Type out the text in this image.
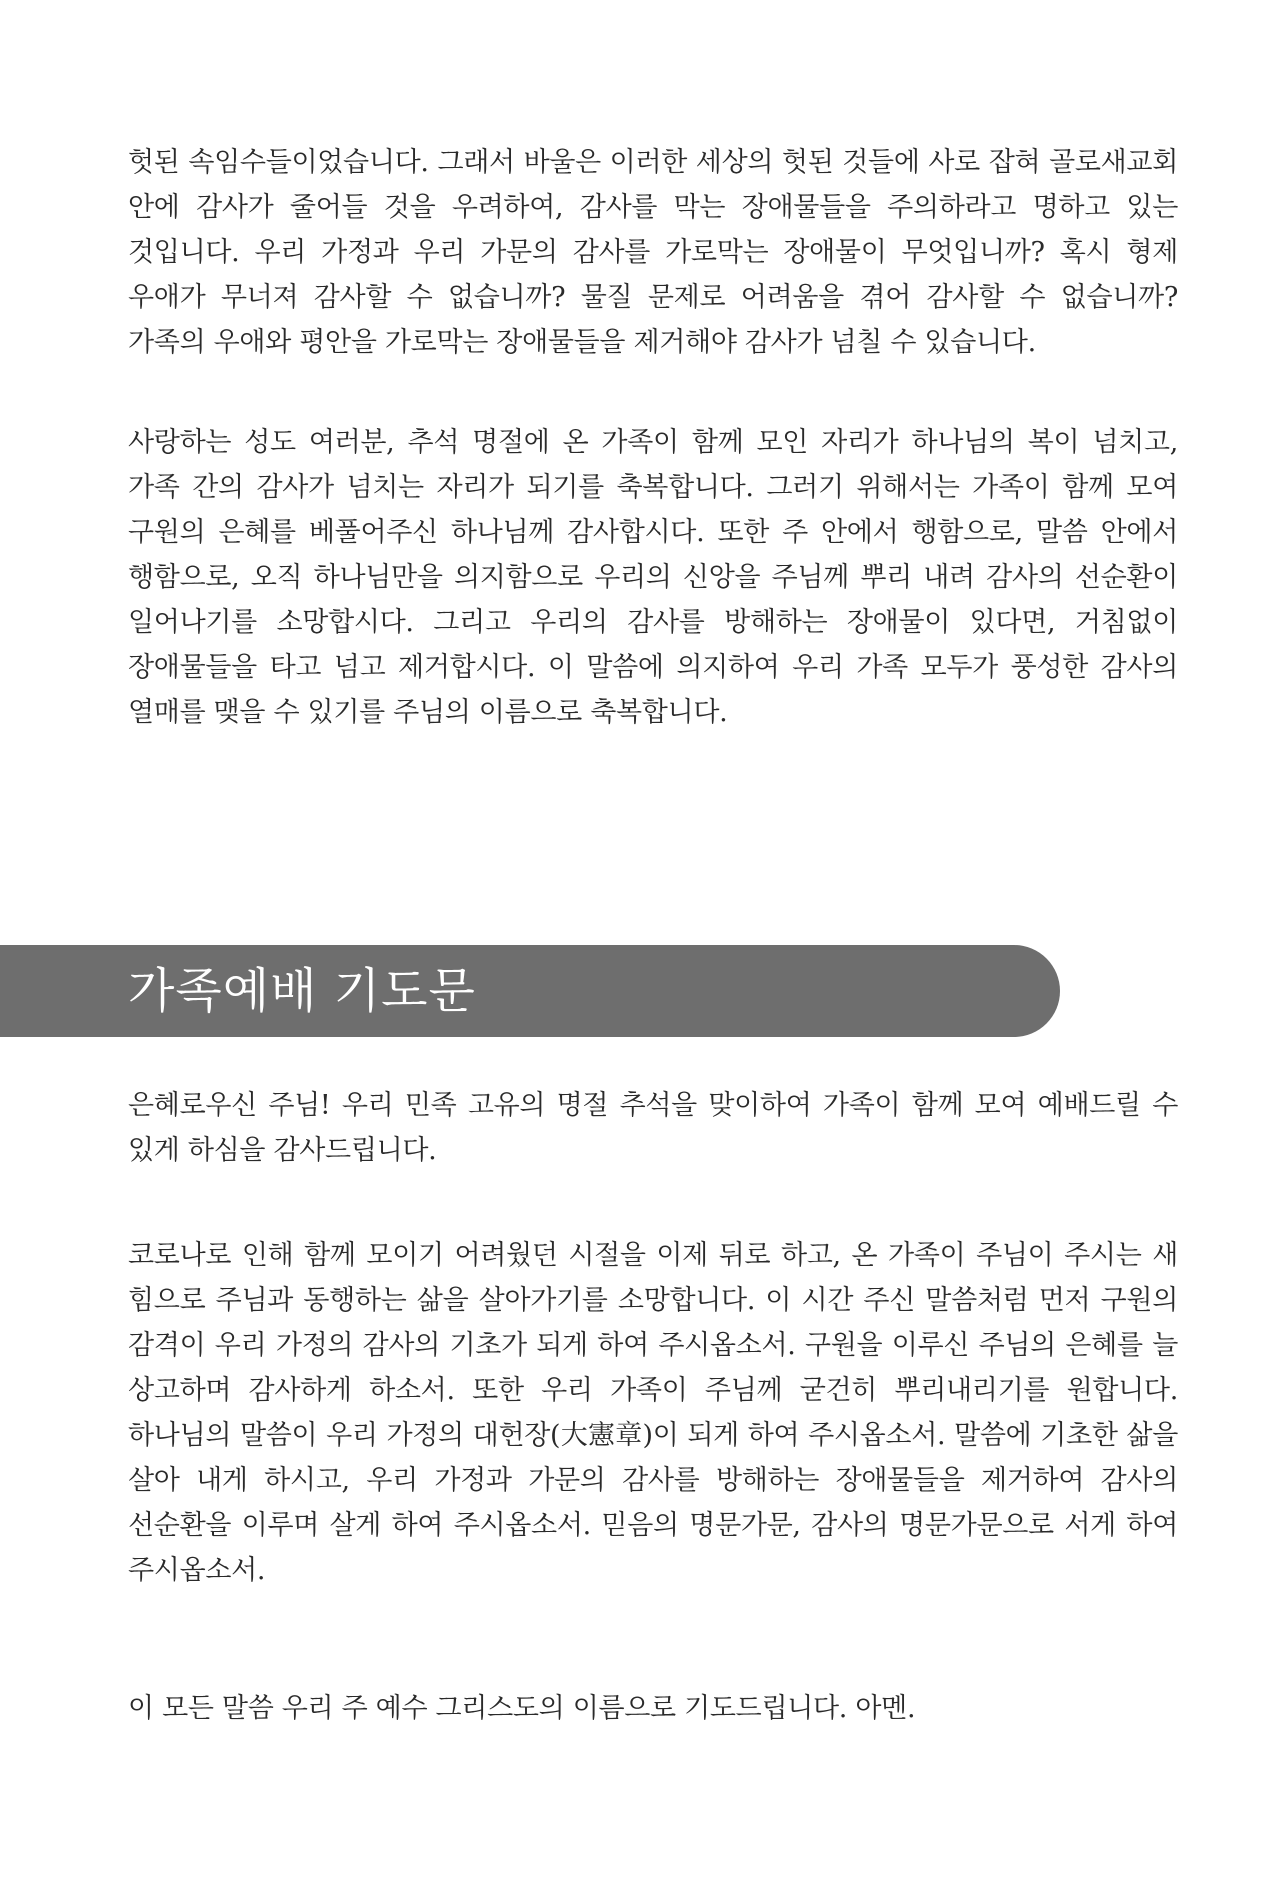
헛된 속임수들이었습니다. 그래서 바울은 이러한 세상의 헛된 것들에 사로 잡혀 골로새교회 안에 감사가 줄어들 것을 우려하여, 감사를 막는 장애물들을 주의하라고 명하고 있는 것입니다. 우리 가정과 우리 가문의 감사를 가로막는 장애물이 무엇입니까? 혹시 형제 우애가 무너져 감사할 수 없습니까? 물질 문제로 어려움을 겪어 감사할 수 없습니까? 가족의 우애와 평안을 가로막는 장애물들을 제거해야 감사가 넘칠 수 있습니다.

사랑하는 성도 여러분, 추석 명절에 온 가족이 함께 모인 자리가 하나님의 복이 넘치고, 가족 간의 감사가 넘치는 자리가 되기를 축복합니다. 그러기 위해서는 가족이 함께 모여 구원의 은혜를 베풀어주신 하나님께 감사합시다. 또한 주 안에서 행함으로, 말씀 안에서 행함으로, 오직 하나님만을 의지함으로 우리의 신앙을 주님께 뿌리 내려 감사의 선순환이 일어나기를 소망합시다. 그리고 우리의 감사를 방해하는 장애물이 있다면, 거침없이 장애물들을 타고 넘고 제거합시다. 이 말씀에 의지하여 우리 가족 모두가 풍성한 감사의 열매를 맺을 수 있기를 주님의 이름으로 축복합니다.

가족예배 기도문

은혜로우신 주님! 우리 민족 고유의 명절 추석을 맞이하여 가족이 함께 모여 예배드릴 수 있게 하심을 감사드립니다.

코로나로 인해 함께 모이기 어려웠던 시절을 이제 뒤로 하고, 온 가족이 주님이 주시는 새 힘으로 주님과 동행하는 삶을 살아가기를 소망합니다. 이 시간 주신 말씀처럼 먼저 구원의 감격이 우리 가정의 감사의 기초가 되게 하여 주시옵소서. 구원을 이루신 주님의 은혜를 늘 상고하며 감사하게 하소서. 또한 우리 가족이 주님께 굳건히 뿌리내리기를 원합니다. 하나님의 말씀이 우리 가정의 대헌장(大憲章)이 되게 하여 주시옵소서. 말씀에 기초한 삶을 살아 내게 하시고, 우리 가정과 가문의 감사를 방해하는 장애물들을 제거하여 감사의 선순환을 이루며 살게 하여 주시옵소서. 믿음의 명문가문, 감사의 명문가문으로 서게 하여 주시옵소서.

이 모든 말씀 우리 주 예수 그리스도의 이름으로 기도드립니다. 아멘.
